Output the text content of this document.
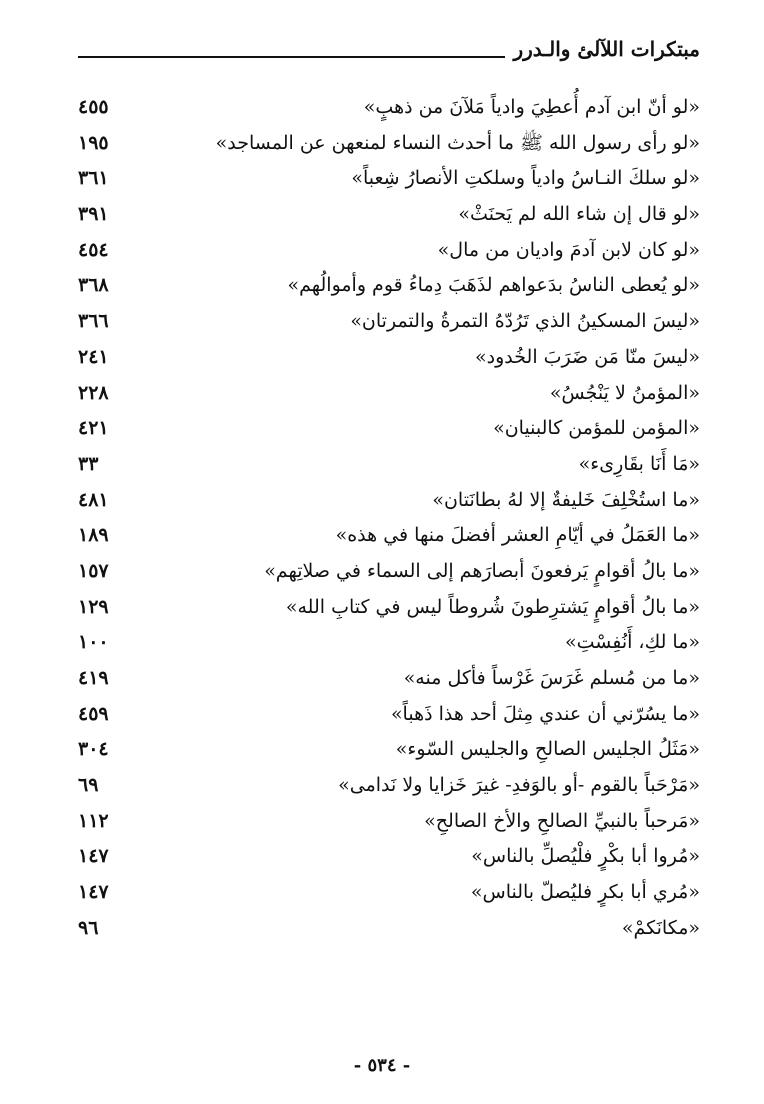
مبتكرات اللآلئ والـدرر
«لو أنّ ابن آدم أُعطِيَ وادياً مَلآنَ من ذهبٍ»
٤٥٥
«لو رأى رسول الله ﷺ ما أحدث النساء لمنعهن عن المساجد»
١٩٥
«لو سلكَ النـاسُ وادياً وسلكتِ الأنصارُ شِعباً»
٣٦١
«لو قال إن شاء الله لم يَحنَثْ»
٣٩١
«لو كان لابن آدمَ واديان من مال»
٤٥٤
«لو يُعطى الناسُ بدَعواهم لذَهَبَ دِماءُ قوم وأموالُهم»
٣٦٨
«ليسَ المسكينُ الذي تَرُدّهُ التمرةُ والتمرتان»
٣٦٦
«ليسَ منّا مَن ضَرَبَ الخُدود»
٢٤١
«المؤمنُ لا يَنْجُسُ»
٢٢٨
«المؤمن للمؤمن كالبنيان»
٤٢١
«مَا أَنَا بقَارِىء»
٣٣
«ما استُخْلِفَ خَليفةٌ إلا لهُ بطانَتان»
٤٨١
«ما العَمَلُ في أيّامِ العشر أفضلَ منها في هذه»
١٨٩
«ما بالُ أقوامٍ يَرفعونَ أبصارَهم إلى السماء في صلاتِهم»
١٥٧
«ما بالُ أقوامٍ يَشترِطونَ شُروطاً ليس في كتابِ الله»
١٢٩
«ما لكِ، أَنُفِسْتِ»
١٠٠
«ما من مُسلم غَرَسَ غَرْساً فأكل منه»
٤١٩
«ما يسُرّني أن عندي مِثلَ أحد هذا ذَهباً»
٤٥٩
«مَثَلُ الجليس الصالحِ والجليس السّوء»
٣٠٤
«مَرْحَباً بالقوم -أو بالوَفدِ- غيرَ خَزايا ولا نَدامى»
٦٩
«مَرحباً بالنبيِّ الصالحِ والأخ الصالحِ»
١١٢
«مُروا أبا بكْرٍ فلْيُصلِّ بالناس»
١٤٧
«مُري أبا بكرٍ فليُصلّ بالناس»
١٤٧
«مكانَكمْ»
٩٦
- ٥٣٤ -
